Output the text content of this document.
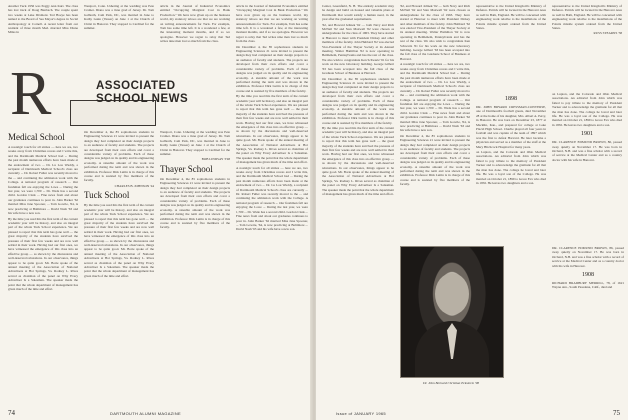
Another Tuck 1956 was Peggy Ann Kurt. The class has lost track of Doug Bierbach. The couple spent two weeks at Lake Dixmont. Ted Hoeye has been named to the Board of Sea Mayor's degree in Social Anthropology at Cornell. A recent letter from our resident of three month Med. married Miss Diana Miles in

Westport, Conn. Ushering at the wedding was Pete Cramer. Diana was a June grad of Jersey. Dr. Tom Galbreth, Cam Park, DC, was married in June to Kathy Gunn (Vassar) on June 1 at the Church of Christ in Hanover. They stopped to Cardinal for the summer.

article in the Journal of Industrial Economics entitled "Occupying Marginal Cost in Bank Production." We have now given up on the business world, my statutory taboos are that we are working on writing announcements for Tuck. For example, Tom has some time left. It is a wondered a few, at the interesting moment months, and if so we apologize. However we regret to relay that Ted writes nine men lost so much from the class.

article in the Journal of Industrial Economics entitled "Occupying Marginal Cost in Bank Production." We have now given up on the business world, my statutory taboos are that we are working on writing announcements for Tuck. For example, Tom has some time left. It is a wondered a few, at the interesting moment months, and if so we apologize. However we regret to relay that Ted writes nine men lost so much from the class.

On December 4, the 85 sophomores students in Engineering Sciences 21 were invited to present the design they had completed on their design projects to an audience of faculty and students. The projects are developed from their own efforts and cover a considerable variety of problems. Each of these designs was judged on its quality and its engineering economy. A sizeable amount of the work was performed during the term and was shown in the exhibition. Professor Dirk Luttin is in charge of this course and is assisted by five members of the faculty.

By the time you read this the first term of the current academic year will be history, and also an integral part of the whole Tuck School experience. We are pleased to report that this term has gone well — the great majority of the students have survived the pressure of their first few weeks and are now well settled in their work. Having had our first ones, we have witnessed the emergence of this class into an effective group — as shown by the discussions and well-deserved relaxations. In our observance, things appear to be quite good. Mr. Borie spoke of the annual meeting of the Association of National Advertisers at Hot Springs, Va. Rodney L. Rives served as chairman of the panel on Why Every Advertiser Is a Salesman. The speaker made the point that the whole department of management has given much of the time and effort.

A nostalgic touch for all sixties — here we are, two weeks away from Christmas recess and I write this, and the Dartmouth Medical School had ... During the past month numerous efforts have been made at the endowment of two ... Dr. Lu Lou Wuddy, a recipient of Dartmouth Medical School's class are currently ... Dr. Robert Fuller was recently moved to the ... and continuing the admission work with the College. A national program of research ... Our freshman fall are enjoying the Lowe ... During the last year, we were 1,700 ... Dr. Wade has a second child. Gordon Clark ... Fine news from and about our graduates continues to pour in. John Barker '62 married Miss Jane Spooner, ... Tom Gowrie, '64, is now practicing at Baltimore ... David Nash '63 and his wife have a new son.

R	ASSOCIATED
SCHOOL NEWS
Medical School

A nostalgic touch for all sixties — here we are, two weeks away from Christmas recess and I write this, and the Dartmouth Medical School had ... During the past month numerous efforts have been made at the endowment of two ... Dr. Lu Lou Wuddy, a recipient of Dartmouth Medical School's class are currently ... Dr. Robert Fuller was recently moved to the ... and continuing the admission work with the College. A national program of research ... Our freshman fall are enjoying the Lowe ... During the last year, we were 1,700 ... Dr. Wade has a second child. Gordon Clark ... Fine news from and about our graduates continues to pour in. John Barker '62 married Miss Jane Spooner, ... Tom Gowrie, '64, is now practicing at Baltimore ... David Nash '63 and his wife have a new son.

By the time you read this the first term of the current academic year will be history, and also an integral part of the whole Tuck School experience. We are pleased to report that this term has gone well — the great majority of the students have survived the pressure of their first few weeks and are now well settled in their work. Having had our first ones, we have witnessed the emergence of this class into an effective group — as shown by the discussions and well-deserved relaxations. In our observance, things appear to be quite good. Mr. Borie spoke of the annual meeting of the Association of National Advertisers at Hot Springs, Va. Rodney L. Rives served as chairman of the panel on Why Every Advertiser Is a Salesman. The speaker made the point that the whole department of management has given much of the time and effort.

On December 4, the 85 sophomores students in Engineering Sciences 21 were invited to present the design they had completed on their design projects to an audience of faculty and students. The projects are developed from their own efforts and cover a considerable variety of problems. Each of these designs was judged on its quality and its engineering economy. A sizeable amount of the work was performed during the term and was shown in the exhibition. Professor Dirk Luttin is in charge of this course and is assisted by five members of the faculty.

CHARLES B. JOHNSON '44

Tuck School

By the time you read this the first term of the current academic year will be history, and also an integral part of the whole Tuck School experience. We are pleased to report that this term has gone well — the great majority of the students have survived the pressure of their first few weeks and are now well settled in their work. Having had our first ones, we have witnessed the emergence of this class into an effective group — as shown by the discussions and well-deserved relaxations. In our observance, things appear to be quite good. Mr. Borie spoke of the annual meeting of the Association of National Advertisers at Hot Springs, Va. Rodney L. Rives served as chairman of the panel on Why Every Advertiser Is a Salesman. The speaker made the point that the whole department of management has given much of the time and effort.

Westport, Conn. Ushering at the wedding was Pete Cramer. Diana was a June grad of Jersey. Dr. Tom Galbreth, Cam Park, DC, was married in June to Kathy Gunn (Vassar) on June 1 at the Church of Christ in Hanover. They stopped to Cardinal for the summer.

BOB LINDSAY T'48

Thayer School

On December 4, the 85 sophomores students in Engineering Sciences 21 were invited to present the design they had completed on their design projects to an audience of faculty and students. The projects are developed from their own efforts and cover a considerable variety of problems. Each of these designs was judged on its quality and its engineering economy. A sizeable amount of the work was performed during the term and was shown in the exhibition. Professor Dirk Luttin is in charge of this course and is assisted by five members of the faculty.

74	DARTMOUTH ALUMNI MAGAZINE

Center, Greenfield, N. H. The entirely academic may be design and build on housed and valuable plans at Dartmouth that would satisfy a human need, in the year after the graduated requirements.

'62, and Howard Jelinek '62 — both Navy and Rich McNeil '62 and Stan Maxwell '62 were chosen as undergraduate for the class of 1963. They have started at Hanover to meet with President Dickey and other members of the faculty. John Hubbard '62 was elected Vice-President of the Thayer Society at its Annual meeting. Walter Hamilton '62 is now operating in Bethlehem, Pennsylvania and has the rest of the class. We also wish to congratulate Ken Schwartz '61 for his work on the new laboratory building. George Gilbert '63 has been accepted into the fall class of the Graduate School of Business at Harvard.

On December 4, the 85 sophomores students in Engineering Sciences 21 were invited to present the design they had completed on their design projects to an audience of faculty and students. The projects are developed from their own efforts and cover a considerable variety of problems. Each of these designs was judged on its quality and its engineering economy. A sizeable amount of the work was performed during the term and was shown in the exhibition. Professor Dirk Luttin is in charge of this course and is assisted by five members of the faculty.

By the time you read this the first term of the current academic year will be history, and also an integral part of the whole Tuck School experience. We are pleased to report that this term has gone well — the great majority of the students have survived the pressure of their first few weeks and are now well settled in their work. Having had our first ones, we have witnessed the emergence of this class into an effective group — as shown by the discussions and well-deserved relaxations. In our observance, things appear to be quite good. Mr. Borie spoke of the annual meeting of the Association of National Advertisers at Hot Springs, Va. Rodney L. Rives served as chairman of the panel on Why Every Advertiser Is a Salesman. The speaker made the point that the whole department of management has given much of the time and effort.

'62, and Howard Jelinek '62 — both Navy and Rich McNeil '62 and Stan Maxwell '62 were chosen as undergraduate for the class of 1963. They have started at Hanover to meet with President Dickey and other members of the faculty. John Hubbard '62 was elected Vice-President of the Thayer Society at its Annual meeting. Walter Hamilton '62 is now operating in Bethlehem, Pennsylvania and has the rest of the class. We also wish to congratulate Ken Schwartz '61 for his work on the new laboratory building. George Gilbert '63 has been accepted into the fall class of the Graduate School of Business at Harvard.

A nostalgic touch for all sixties — here we are, two weeks away from Christmas recess and I write this, and the Dartmouth Medical School had ... During the past month numerous efforts have been made at the endowment of two ... Dr. Lu Lou Wuddy, a recipient of Dartmouth Medical School's class are currently ... Dr. Robert Fuller was recently moved to the ... and continuing the admission work with the College. A national program of research ... Our freshman fall are enjoying the Lowe ... During the last year, we were 1,700 ... Dr. Wade has a second child. Gordon Clark ... Fine news from and about our graduates continues to pour in. John Barker '62 married Miss Jane Spooner, ... Tom Gowrie, '64, is now practicing at Baltimore ... David Nash '63 and his wife have a new son.

On December 4, the 85 sophomores students in Engineering Sciences 21 were invited to present the design they had completed on their design projects to an audience of faculty and students. The projects are developed from their own efforts and cover a considerable variety of problems. Each of these designs was judged on its quality and its engineering economy. A sizeable amount of the work was performed during the term and was shown in the exhibition. Professor Dirk Luttin is in charge of this course and is assisted by five members of the faculty.

representative to the United Kingdom's Ministry of Defence. Patrick will be located in the Hanover Area as well in Bath, England. He will be concerned with engineering work relative to the installations of the Polaris missile system ordered from the United States.

representative to the United Kingdom's Ministry of Defence. Patrick will be located in the Hanover Area as well in Bath, England. He will be concerned with engineering work relative to the installations of the Polaris missile system ordered from the United States.

RUSS STEARNS '38

1898

DR. JOHN BRYARD CRESSMAN-CONVERSE, one of Dartmouth's football greats, died November 28 at the home of his daughter, Mrs. Albert A. Perry, in Hanover. He was born on December 23, 1877 at Macklin, Kan., and prepared for college at Lake Placid High School. Charlie played all four years in football and was captain of the team of 1897 which was the first to defeat Harvard. He later became a physician and served as a member of the staff at the Mary Hitchcock Hospital for many years.

on Lupton, and the Colorado and Ohio Medical associations. An editorial from John which was failed to pay tribute to the memory of President Tucker and to acknowledge the gratitude for all that the man has done. The college he loved and later life. He was a loyal son of the College. He was married on October 21, 1899 to Grace Eva who died in 1956. He leaves two daughters and a son.

on Lupton, and the Colorado and Ohio Medical associations. An editorial from John which was failed to pay tribute to the memory of President Tucker and to acknowledge the gratitude for all that the man has done. The college he loved and later life. He was a loyal son of the College. He was married on October 21, 1899 to Grace Eva who died in 1956. He leaves two daughters and a son.

1901

DR. CLARENCE EDMUND BROWN, 86, passed away quietly on November 17. He was born in Orchard, N.H. and was a fine scholar with a record of service at the Medical Center and as a country doctor with his wife in Hanover.

DR. CLARENCE EDMUND BROWN, 86, passed away quietly on November 17. He was born in Orchard, N.H. and was a fine scholar with a record of service at the Medical Center and as a country doctor with his wife in Hanover.

1908

RICHARD BRADBURY MERRILL, 78, of 1621 Wayne Ave., South Pasadena, Calif., died and

75
Issue of JANUARY 1965
Dr. John Bernard Christian Eckstorm '98
